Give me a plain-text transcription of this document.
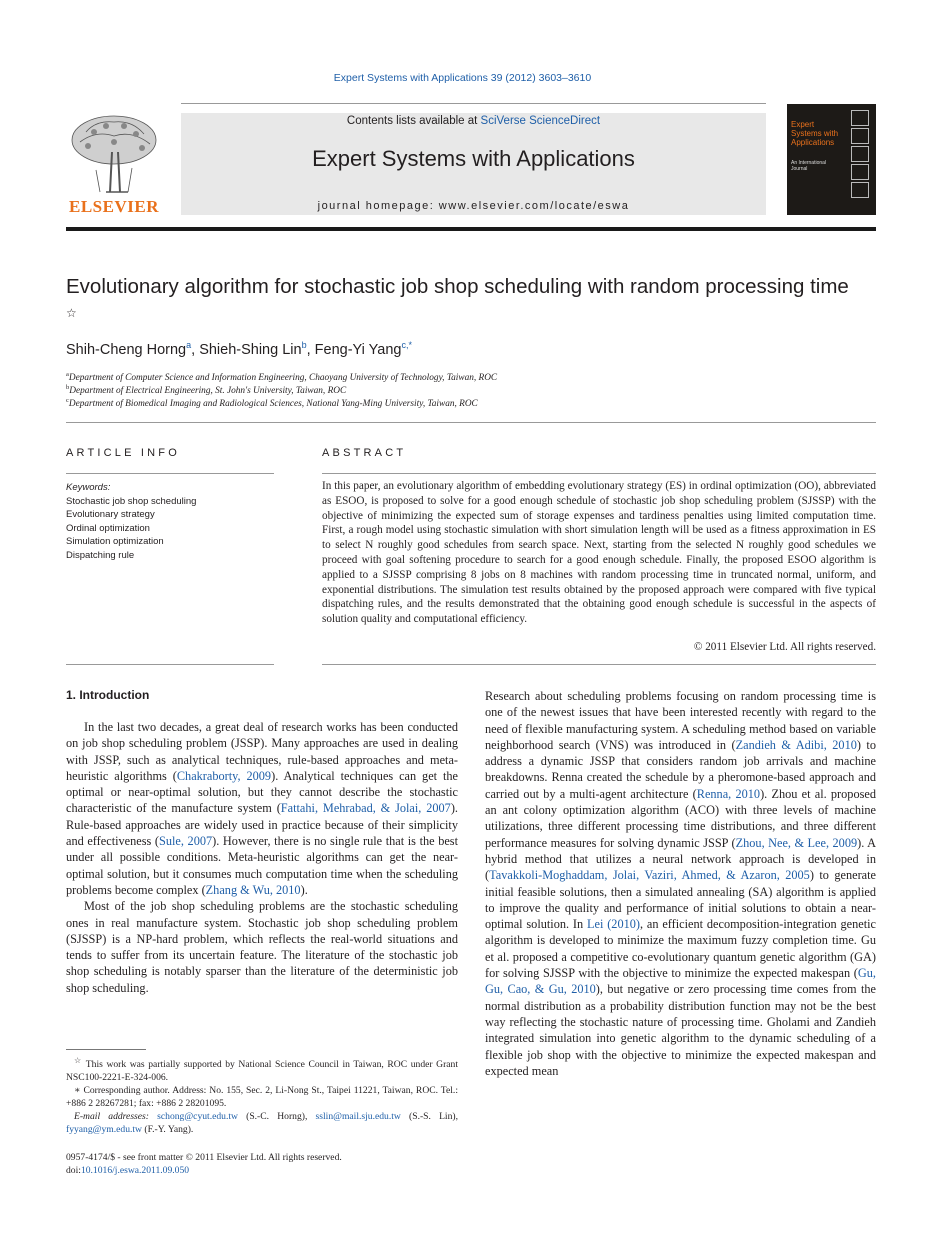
Expert Systems with Applications 39 (2012) 3603–3610
ELSEVIER
Contents lists available at SciVerse ScienceDirect
Expert Systems with Applications
journal homepage: www.elsevier.com/locate/eswa
Expert Systems with Applications
An International Journal
Evolutionary algorithm for stochastic job shop scheduling with random processing time ☆
Shih-Cheng Horng$^a$, Shieh-Shing Lin$^b$, Feng-Yi Yang$^{c,*}$
$^a$Department of Computer Science and Information Engineering, Chaoyang University of Technology, Taiwan, ROC
$^b$Department of Electrical Engineering, St. John's University, Taiwan, ROC
$^c$Department of Biomedical Imaging and Radiological Sciences, National Yang-Ming University, Taiwan, ROC
ARTICLE INFO
Keywords:
Stochastic job shop scheduling
Evolutionary strategy
Ordinal optimization
Simulation optimization
Dispatching rule
ABSTRACT
In this paper, an evolutionary algorithm of embedding evolutionary strategy (ES) in ordinal optimization (OO), abbreviated as ESOO, is proposed to solve for a good enough schedule of stochastic job shop scheduling problem (SJSSP) with the objective of minimizing the expected sum of storage expenses and tardiness penalties using limited computation time. First, a rough model using stochastic simulation with short simulation length will be used as a fitness approximation in ES to select N roughly good schedules from search space. Next, starting from the selected N roughly good schedules we proceed with goal softening procedure to search for a good enough schedule. Finally, the proposed ESOO algorithm is applied to a SJSSP comprising 8 jobs on 8 machines with random processing time in truncated normal, uniform, and exponential distributions. The simulation test results obtained by the proposed approach were compared with five typical dispatching rules, and the results demonstrated that the obtaining good enough schedule is successful in the aspects of solution quality and computational efficiency.
© 2011 Elsevier Ltd. All rights reserved.
1. Introduction

In the last two decades, a great deal of research works has been conducted on job shop scheduling problem (JSSP). Many approaches are used in dealing with JSSP, such as analytical techniques, rule-based approaches and meta-heuristic algorithms (Chakraborty, 2009). Analytical techniques can get the optimal or near-optimal solution, but they cannot describe the stochastic characteristic of the manufacture system (Fattahi, Mehrabad, & Jolai, 2007). Rule-based approaches are widely used in practice because of their simplicity and effectiveness (Sule, 2007). However, there is no single rule that is the best under all possible conditions. Meta-heuristic algorithms can get the near-optimal solution, but it consumes much computation time when the scheduling problems become complex (Zhang & Wu, 2010).

Most of the job shop scheduling problems are the stochastic scheduling ones in real manufacture system. Stochastic job shop scheduling problem (SJSSP) is a NP-hard problem, which reflects the real-world situations and tends to suffer from its uncertain feature. The literature of the stochastic job shop scheduling is notably sparser than the literature of the deterministic job shop scheduling.

Research about scheduling problems focusing on random processing time is one of the newest issues that have been interested recently with regard to the need of flexible manufacturing system. A scheduling method based on variable neighborhood search (VNS) was introduced in (Zandieh & Adibi, 2010) to address a dynamic JSSP that considers random job arrivals and machine breakdowns. Renna created the schedule by a pheromone-based approach and carried out by a multi-agent architecture (Renna, 2010). Zhou et al. proposed an ant colony optimization algorithm (ACO) with three levels of machine utilizations, three different processing time distributions, and three different performance measures for solving dynamic JSSP (Zhou, Nee, & Lee, 2009). A hybrid method that utilizes a neural network approach is developed in (Tavakkoli-Moghaddam, Jolai, Vaziri, Ahmed, & Azaron, 2005) to generate initial feasible solutions, then a simulated annealing (SA) algorithm is applied to improve the quality and performance of initial solutions to obtain a near-optimal solution. In Lei (2010), an efficient decomposition-integration genetic algorithm is developed to minimize the maximum fuzzy completion time. Gu et al. proposed a competitive co-evolutionary quantum genetic algorithm (GA) for solving SJSSP with the objective to minimize the expected makespan (Gu, Gu, Cao, & Gu, 2010), but negative or zero processing time comes from the normal distribution as a probability distribution function may not be the best way reflecting the stochastic nature of processing time. Gholami and Zandieh integrated simulation into genetic algorithm to the dynamic scheduling of a flexible job shop with the objective to minimize the expected makespan and expected mean

☆ This work was partially supported by National Science Council in Taiwan, ROC under Grant NSC100-2221-E-324-006.

∗ Corresponding author. Address: No. 155, Sec. 2, Li-Nong St., Taipei 11221, Taiwan, ROC. Tel.: +886 2 28267281; fax: +886 2 28201095.

E-mail addresses: schong@cyut.edu.tw (S.-C. Horng), sslin@mail.sju.edu.tw (S.-S. Lin), fyyang@ym.edu.tw (F.-Y. Yang).

0957-4174/$ - see front matter © 2011 Elsevier Ltd. All rights reserved.
doi:10.1016/j.eswa.2011.09.050
